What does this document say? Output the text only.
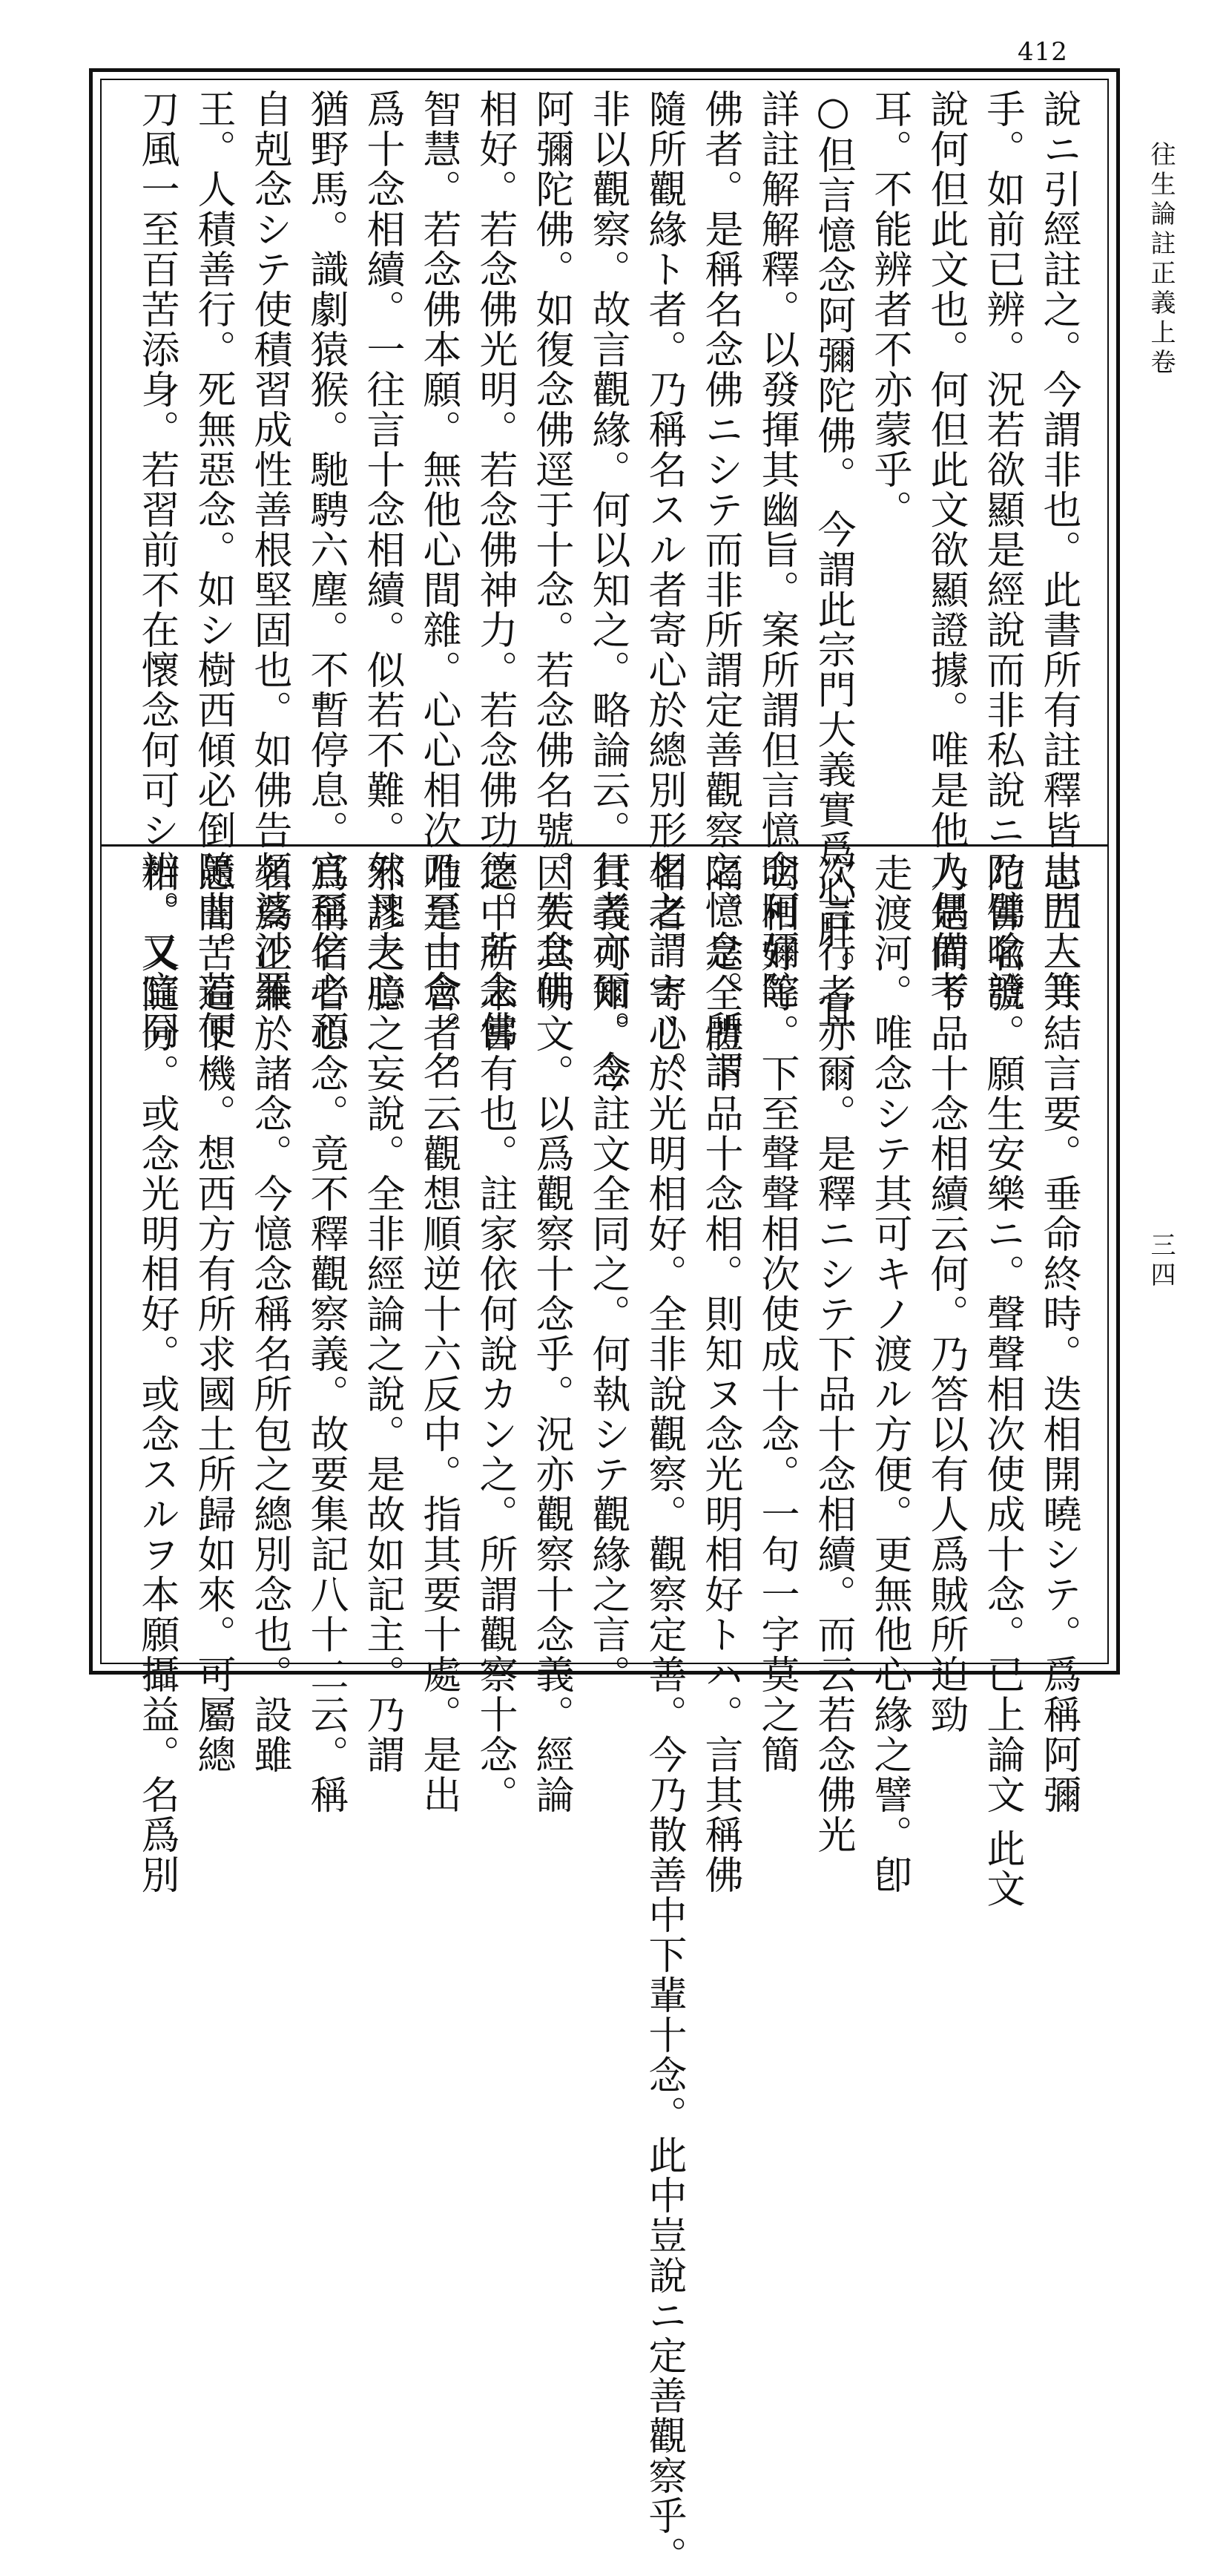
412
往生論註正義上卷
三四
說ニ引經註之。今謂非也。此書所有註釋皆出門人等
手。如前已辨。況若欲顯是經說而非私說ニ乃譬喩證
說何但此文也。何但此文欲顯證據。唯是他人偶備考
耳。不能辨者不亦蒙乎。
○但言憶念阿彌陀佛。 今謂此宗門大義實爲心肝。宜
詳註解解釋。以發揮其幽旨。案所謂但言憶念阿彌陀
佛者。是稱名念佛ニシテ而非所謂定善觀察之憶念。所謂
隨所觀緣ト者。乃稱名スル者寄心於總別形相之謂ナリ。
非以觀察。故言觀緣。何以知之。略論云。行者亦爾。念
阿彌陀佛。如復念佛逕于十念。若念佛名號。若念佛
相好。若念佛光明。若念佛神力。若念佛功德。若念佛
智慧。若念佛本願。無他心間雜。心心相次乃至十念。名
爲十念相續。一往言十念相續。似若不難。然凡夫心
猶野馬。識劇猿猴。馳騁六塵。不暫停息。宜至信心預
自剋念シテ使積習成性善根堅固也。如佛告頻婆沙羅
王。人積善行。死無惡念。如シ樹西傾必倒隨曲。若便
刀風一至百苦添身。若習前不在懷念何可シ辨。又宜同
志五三共結言要。垂命終時。迭相開曉シテ。爲稱阿彌
陀佛名號。願生安樂ニ。聲聲相次使成十念。已上論文 此文
乃是問下品十念相續云何。乃答以有人爲賊所迫勁
走渡河。唯念シテ其可キノ渡ル方便。更無他心緣之譬。卽
次言行者亦爾。是釋ニシテ下品十念相續。而云若念佛光
明相好等。下至聲聲相次使成十念。一句一字莫之簡
隔。是全體下品十念相。則知ヌ念光明相好トハ。言其稱佛
名者。寄心於光明相好。全非說觀察。觀察定善。今乃散善中下輩十念。此中豈說ニ定善觀察乎。
其義可知。今註文全同之。何執シテ觀緣之言。
因失其明文。以爲觀察十念乎。況亦觀察十念義。經論
之中所未嘗有也。註家依何說カン之。所謂觀察十念。
唯是由會者。云觀想順逆十六反中。指其要十處。是出
邪謬之臆之妄說。全非經論之說。是故如記主。乃謂
爲稱名者心念。竟不釋觀察義。故要集記八十二云。稱
名爲正兼於諸念。今憶念稱名所包之總別念也。設雖
愚闇苦逼下機。想西方有所求國土所歸如來。可屬總
相。又隨分。或念光明相好。或念スルヲ本願攝益。名爲別
